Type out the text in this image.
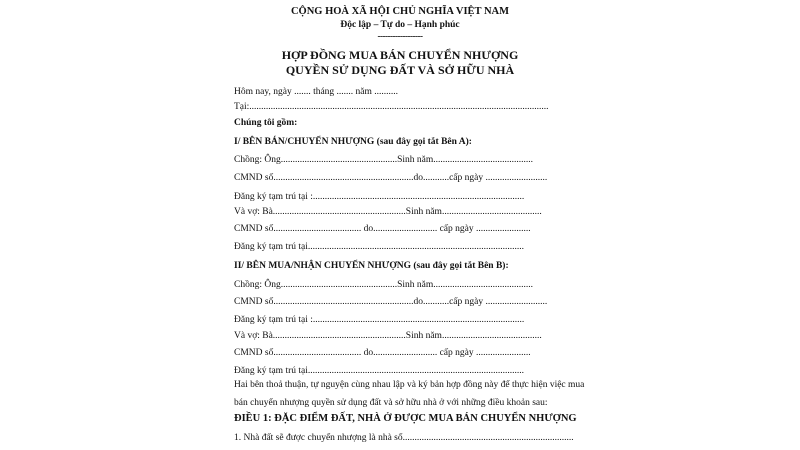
CỘNG HOÀ XÃ HỘI CHỦ NGHĨA VIỆT NAM
Độc lập – Tự do – Hạnh phúc
------------------
HỢP ĐỒNG MUA BÁN CHUYỂN NHƯỢNG
QUYỀN SỬ DỤNG ĐẤT VÀ SỞ HỮU NHÀ
Hôm nay, ngày ....... tháng ....... năm ..........
Tại:..............................................................................................................................
Chúng tôi gồm:
I/ BÊN BÁN/CHUYỂN NHƯỢNG (sau đây gọi tắt Bên A):
Chồng: Ông.................................................Sinh năm..........................................
CMND số...........................................................do...........cấp ngày ..........................
Đăng ký tạm trú tại :.........................................................................................
Và vợ: Bà........................................................Sinh năm..........................................
CMND số..................................... do........................... cấp ngày .......................
Đăng ký tạm trú tại...........................................................................................
II/ BÊN MUA/NHẬN CHUYỂN NHƯỢNG (sau đây gọi tắt Bên B):
Chồng: Ông.................................................Sinh năm..........................................
CMND số...........................................................do...........cấp ngày ..........................
Đăng ký tạm trú tại :.........................................................................................
Và vợ: Bà........................................................Sinh năm..........................................
CMND số..................................... do........................... cấp ngày .......................
Đăng ký tạm trú tại...........................................................................................
Hai bên thoả thuận, tự nguyện cùng nhau lập và ký bản hợp đồng này để thực hiện việc mua
bán chuyển nhượng quyền sử dụng đất và sở hữu nhà ở với những điều khoản sau:
ĐIỀU 1: ĐẶC ĐIỂM ĐẤT, NHÀ Ở ĐƯỢC MUA BÁN CHUYỂN NHƯỢNG
1. Nhà đất sẽ được chuyển nhượng là nhà số........................................................................
